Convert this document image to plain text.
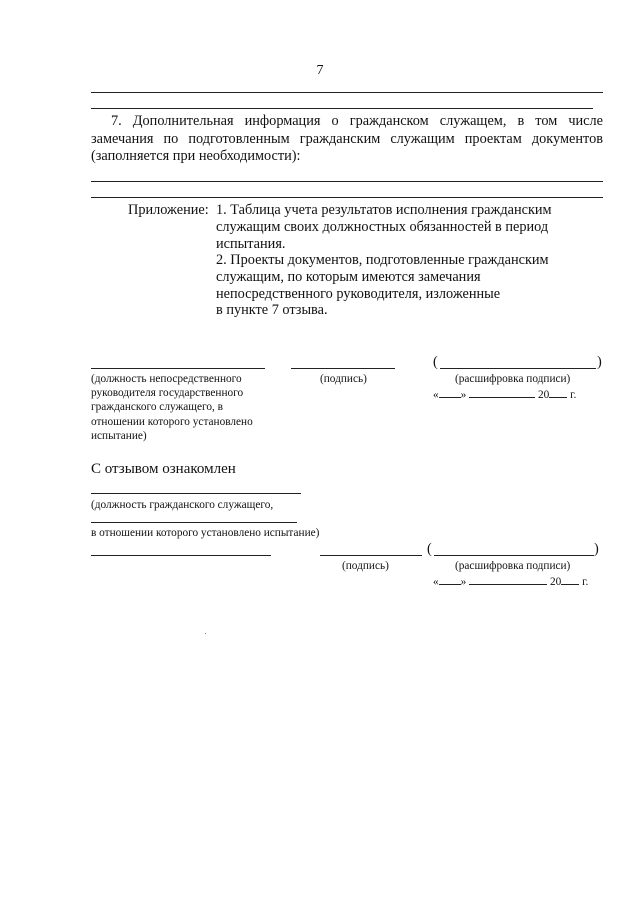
7
7. Дополнительная информация о гражданском служащем, в том числе
замечания по подготовленным гражданским служащим проектам документов
(заполняется при необходимости):
Приложение: 1. Таблица учета результатов исполнения гражданским
служащим своих должностных обязанностей в период
испытания.
2. Проекты документов, подготовленные гражданским
служащим, по которым имеются замечания
непосредственного руководителя, изложенные
в пункте 7 отзыва.
(	)
(должность непосредственного
руководителя государственного
гражданского служащего, в
отношении которого установлено
испытание)
(подпись)	(расшифровка подписи)
« »	20 г.
С отзывом ознакомлен
(должность гражданского служащего,
в отношении которого установлено испытание)
(	)
(подпись)	(расшифровка подписи)
« »	20 г.
